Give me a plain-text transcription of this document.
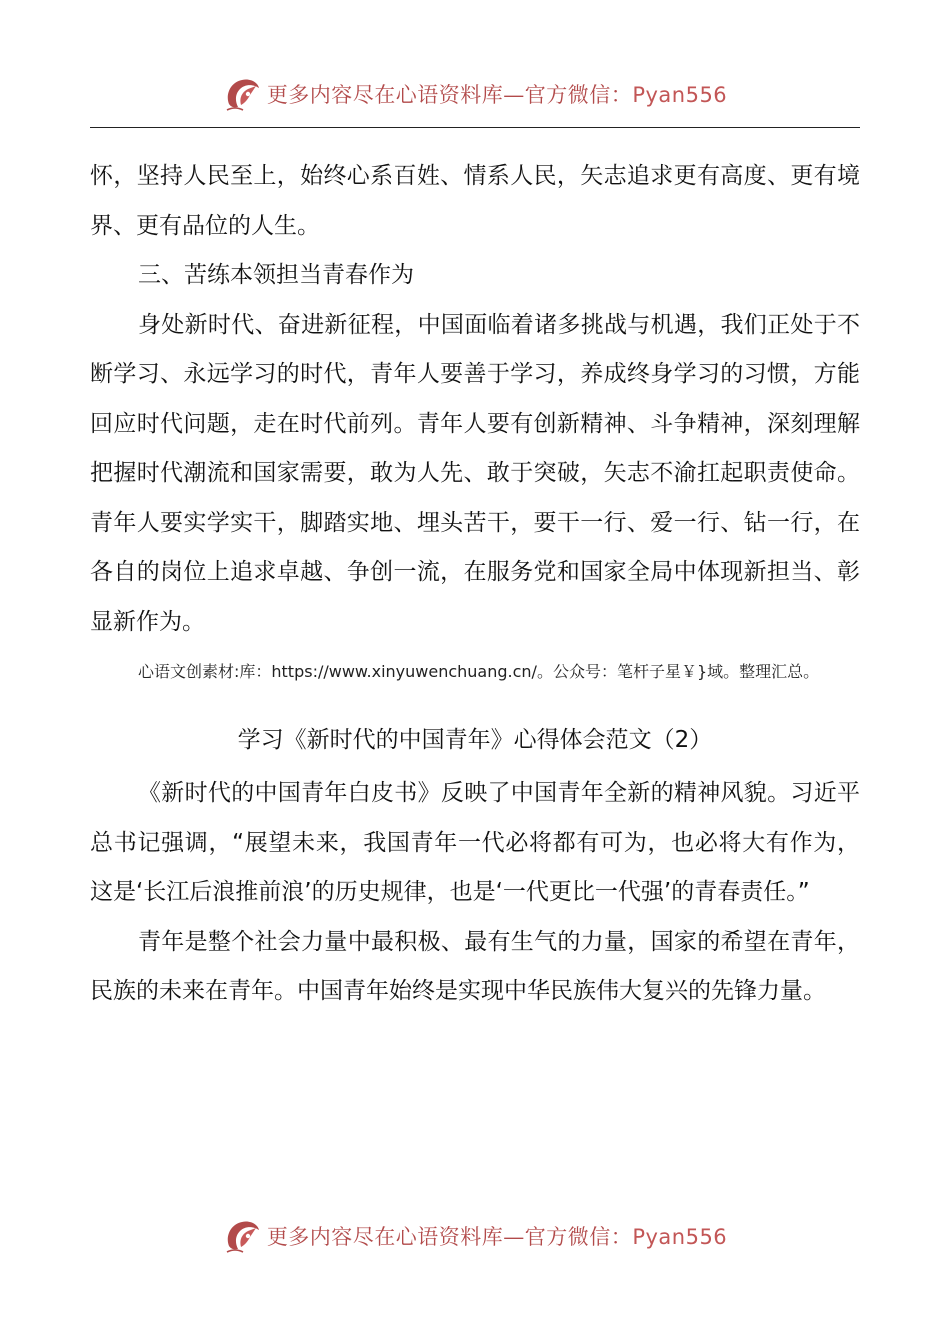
更多内容尽在心语资料库—官方微信：Pyan556

怀，坚持人民至上，始终心系百姓、情系人民，矢志追求更有高度、更有境界、更有品位的人生。

三、苦练本领担当青春作为

身处新时代、奋进新征程，中国面临着诸多挑战与机遇，我们正处于不断学习、永远学习的时代，青年人要善于学习，养成终身学习的习惯，方能回应时代问题，走在时代前列。青年人要有创新精神、斗争精神，深刻理解把握时代潮流和国家需要，敢为人先、敢于突破，矢志不渝扛起职责使命。青年人要实学实干，脚踏实地、埋头苦干，要干一行、爱一行、钻一行，在各自的岗位上追求卓越、争创一流，在服务党和国家全局中体现新担当、彰显新作为。

心语文创素材:库：https://www.xinyuwenchuang.cn/。公众号：笔杆子星￥}域。整理汇总。

学习《新时代的中国青年》心得体会范文（2）

《新时代的中国青年白皮书》反映了中国青年全新的精神风貌。习近平总书记强调，“展望未来，我国青年一代必将都有可为，也必将大有作为，这是‘长江后浪推前浪’的历史规律，也是‘一代更比一代强’的青春责任。”

青年是整个社会力量中最积极、最有生气的力量，国家的希望在青年，民族的未来在青年。中国青年始终是实现中华民族伟大复兴的先锋力量。

更多内容尽在心语资料库—官方微信：Pyan556
